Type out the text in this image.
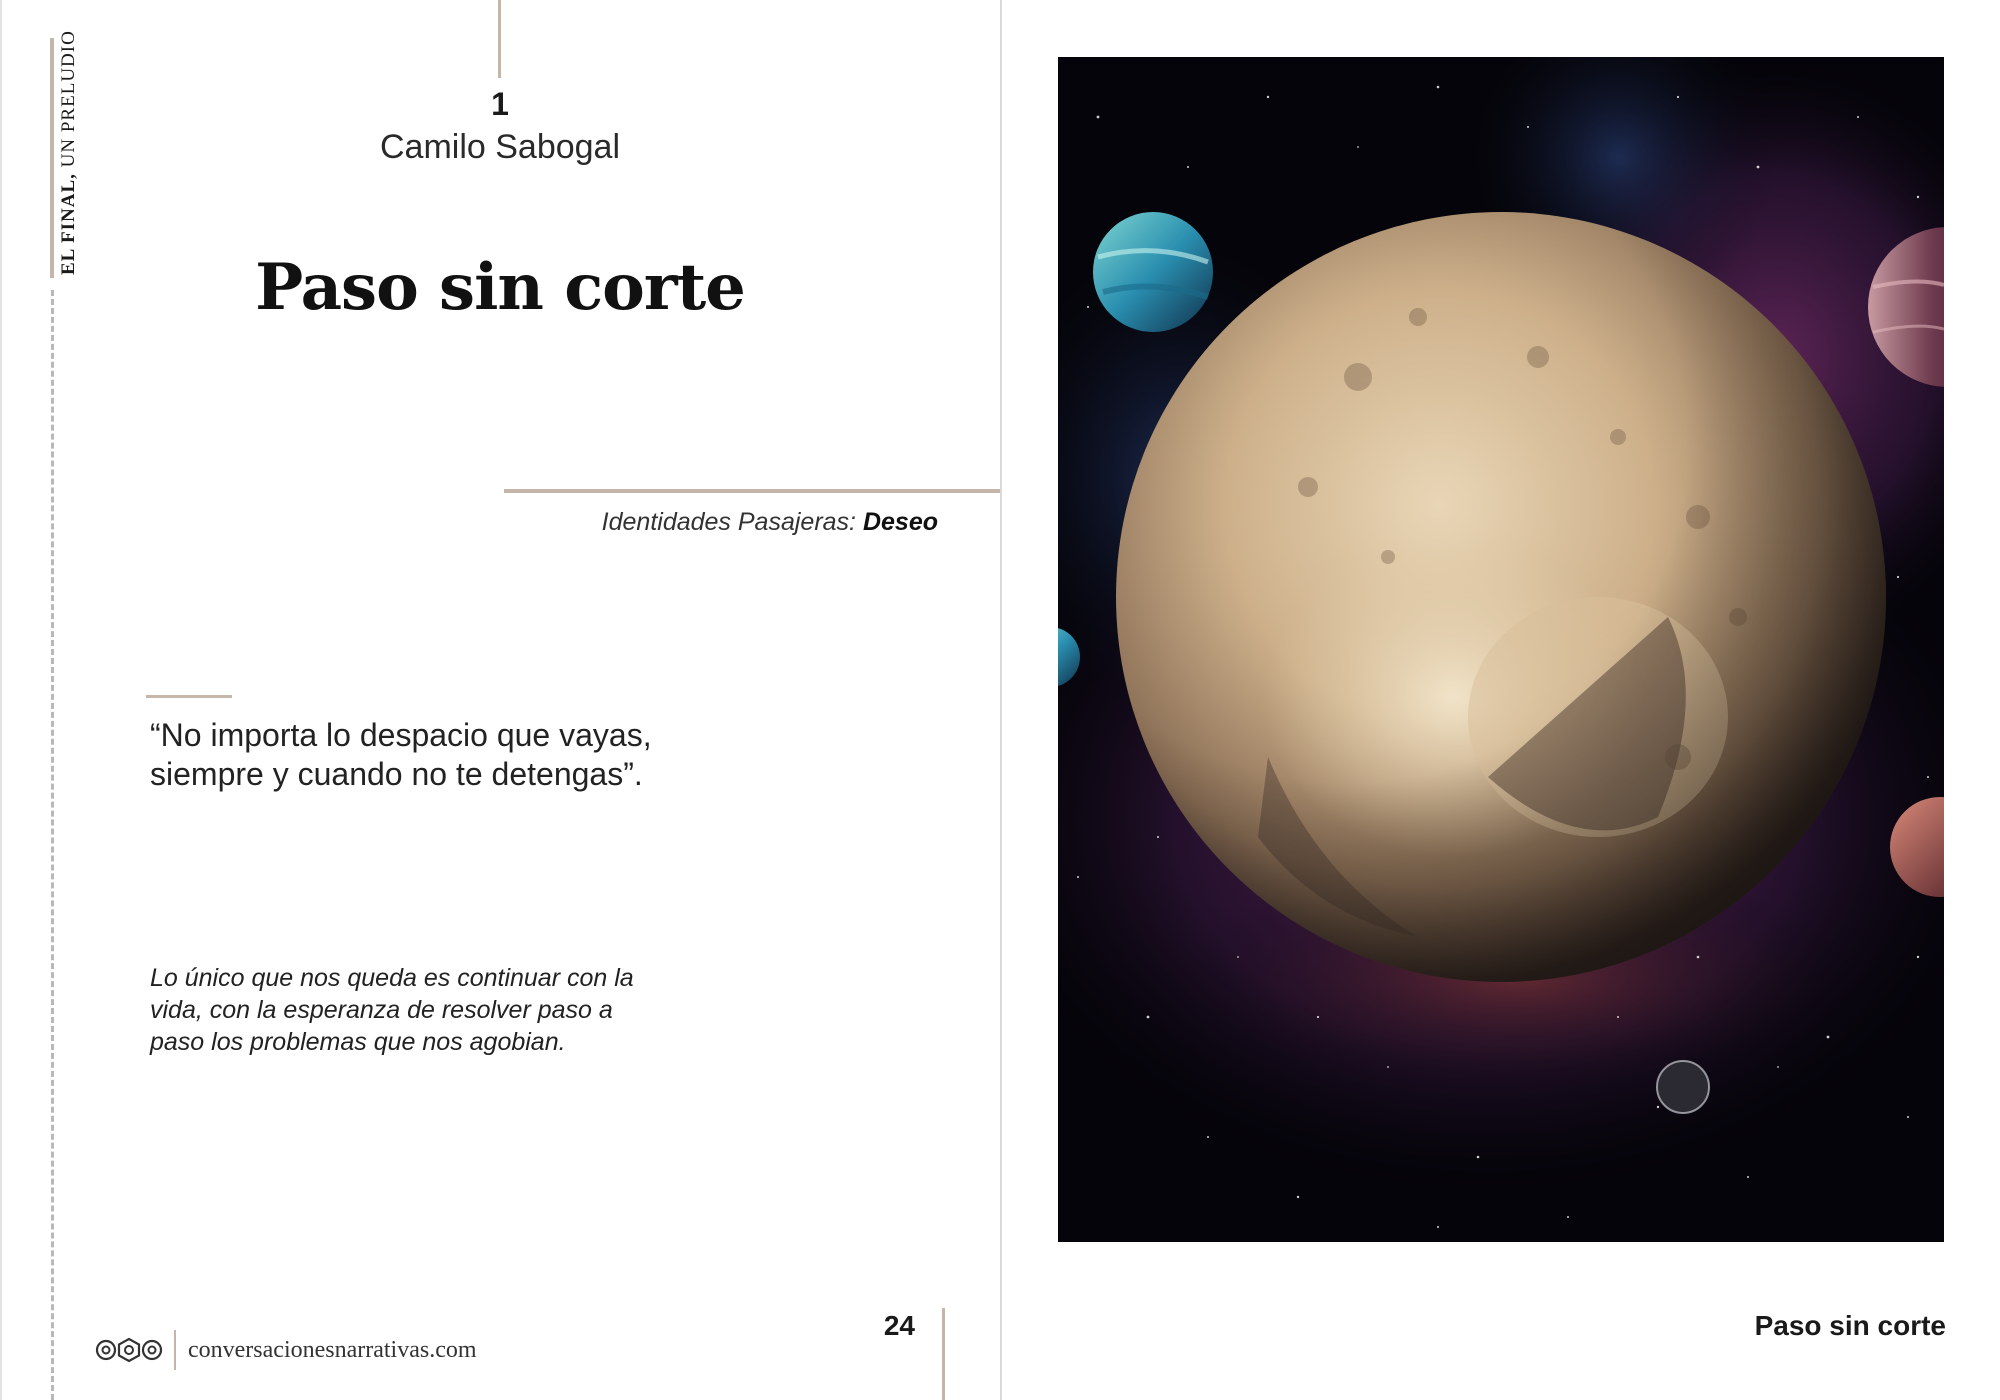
EL FINAL, UN PRELUDIO	1
Camilo Sabogal
Paso sin corte
Identidades Pasajeras: Deseo
“No importa lo despacio que vayas, siempre y cuando no te detengas”.
Lo único que nos queda es continuar con la vida, con la esperanza de resolver paso a paso los problemas que nos agobian.
conversacionesnarrativas.com
24	Paso sin corte
